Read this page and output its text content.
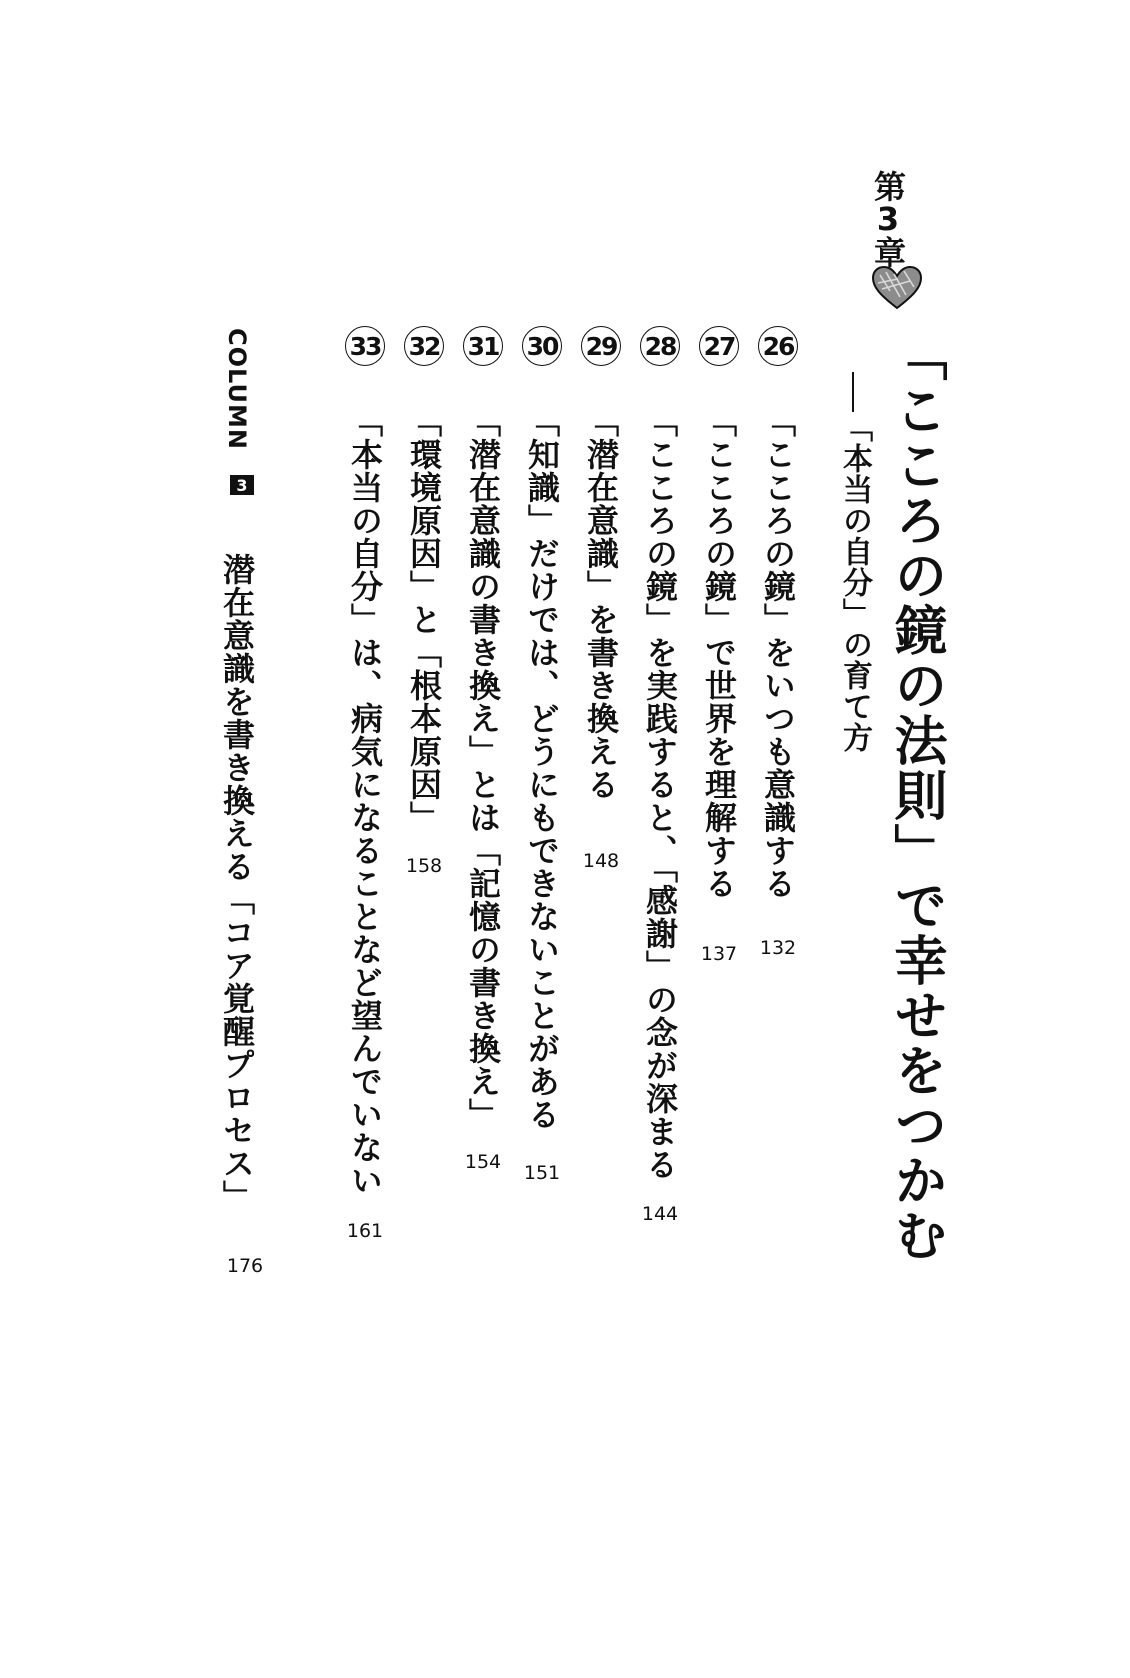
第3章
「こころの鏡の法則」で幸せをつかむ
「本当の自分」の育て方
26
「こころの鏡」をいつも意識する
132
27
「こころの鏡」で世界を理解する
137
28
「こころの鏡」を実践すると、「感謝」の念が深まる
144
29
「潜在意識」を書き換える
148
30
「知識」だけでは、どうにもできないことがある
151
31
「潜在意識の書き換え」とは「記憶の書き換え」
154
32
「環境原因」と「根本原因」
158
33
「本当の自分」は、病気になることなど望んでいない
161
COLUMN
3
潜在意識を書き換える「コア覚醒プロセス」
176
